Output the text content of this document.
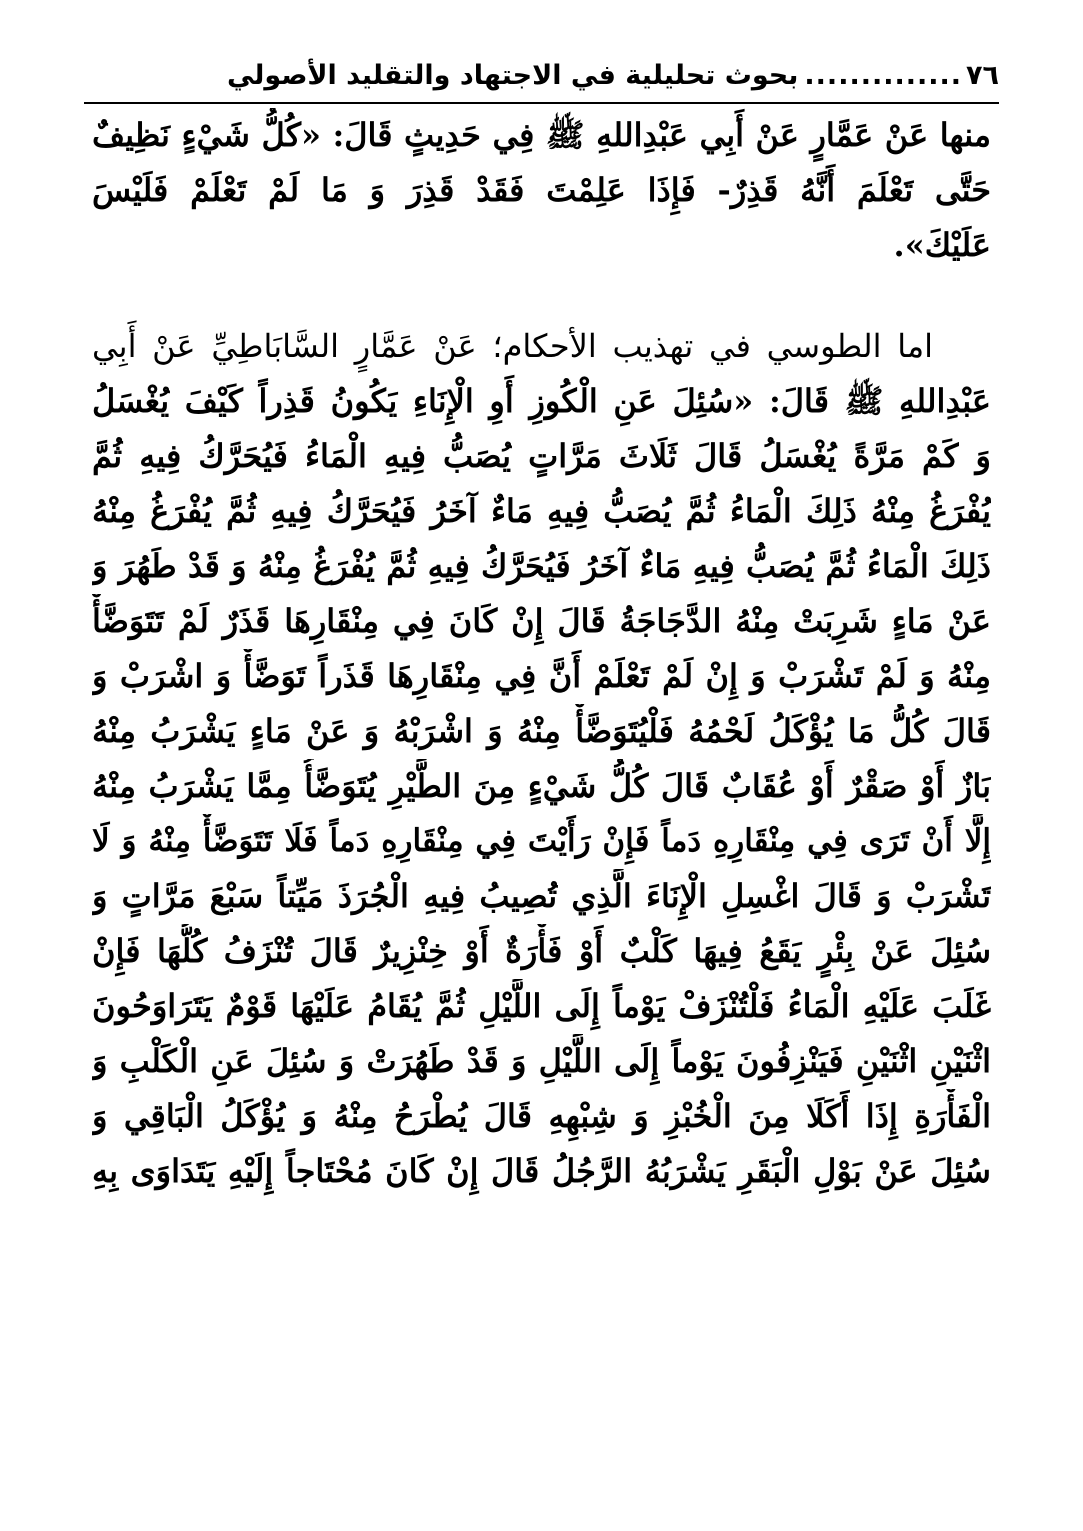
٧٦
..............
بحوث تحليلية في الاجتهاد والتقليد الأصولي
منها عَنْ عَمَّارٍ عَنْ أَبِي عَبْدِاللهِ ﷺ فِي حَدِيثٍ قَالَ: «كُلُّ شَيْءٍ نَظِيفٌ
حَتَّى تَعْلَمَ أَنَّهُ قَذِرٌ- فَإِذَا عَلِمْتَ فَقَدْ قَذِرَ وَ مَا لَمْ تَعْلَمْ فَلَيْسَ
عَلَيْكَ».
اما الطوسي في تهذيب الأحكام؛ عَنْ عَمَّارٍ السَّابَاطِيِّ عَنْ أَبِي
عَبْدِاللهِ ﷺ قَالَ: «سُئِلَ عَنِ الْكُوزِ أَوِ الْإِنَاءِ يَكُونُ قَذِراً كَيْفَ يُغْسَلُ
وَ كَمْ مَرَّةً يُغْسَلُ قَالَ ثَلَاثَ مَرَّاتٍ يُصَبُّ فِيهِ الْمَاءُ فَيُحَرَّكُ فِيهِ ثُمَّ
يُفْرَغُ مِنْهُ ذَلِكَ الْمَاءُ ثُمَّ يُصَبُّ فِيهِ مَاءٌ آخَرُ فَيُحَرَّكُ فِيهِ ثُمَّ يُفْرَغُ مِنْهُ
ذَلِكَ الْمَاءُ ثُمَّ يُصَبُّ فِيهِ مَاءٌ آخَرُ فَيُحَرَّكُ فِيهِ ثُمَّ يُفْرَغُ مِنْهُ وَ قَدْ طَهُرَ وَ
عَنْ مَاءٍ شَرِبَتْ مِنْهُ الدَّجَاجَةُ قَالَ إِنْ كَانَ فِي مِنْقَارِهَا قَذَرٌ لَمْ تَتَوَضَّأْ
مِنْهُ وَ لَمْ تَشْرَبْ وَ إِنْ لَمْ تَعْلَمْ أَنَّ فِي مِنْقَارِهَا قَذَراً تَوَضَّأْ وَ اشْرَبْ وَ
قَالَ كُلُّ مَا يُؤْكَلُ لَحْمُهُ فَلْيُتَوَضَّأْ مِنْهُ وَ اشْرَبْهُ وَ عَنْ مَاءٍ يَشْرَبُ مِنْهُ
بَازٌ أَوْ صَقْرٌ أَوْ عُقَابٌ قَالَ كُلُّ شَيْءٍ مِنَ الطَّيْرِ يُتَوَضَّأُ مِمَّا يَشْرَبُ مِنْهُ
إِلَّا أَنْ تَرَى فِي مِنْقَارِهِ دَماً فَإِنْ رَأَيْتَ فِي مِنْقَارِهِ دَماً فَلَا تَتَوَضَّأْ مِنْهُ وَ لَا
تَشْرَبْ وَ قَالَ اغْسِلِ الْإِنَاءَ الَّذِي تُصِيبُ فِيهِ الْجُرَذَ مَيِّتاً سَبْعَ مَرَّاتٍ وَ
سُئِلَ عَنْ بِئْرٍ يَقَعُ فِيهَا كَلْبٌ أَوْ فَأْرَةٌ أَوْ خِنْزِيرٌ قَالَ تُنْزَفُ كُلُّهَا فَإِنْ
غَلَبَ عَلَيْهِ الْمَاءُ فَلْتُنْزَفْ يَوْماً إِلَى اللَّيْلِ ثُمَّ يُقَامُ عَلَيْهَا قَوْمٌ يَتَرَاوَحُونَ
اثْنَيْنِ اثْنَيْنِ فَيَنْزِفُونَ يَوْماً إِلَى اللَّيْلِ وَ قَدْ طَهُرَتْ وَ سُئِلَ عَنِ الْكَلْبِ وَ
الْفَأْرَةِ إِذَا أَكَلَا مِنَ الْخُبْزِ وَ شِبْهِهِ قَالَ يُطْرَحُ مِنْهُ وَ يُؤْكَلُ الْبَاقِي وَ
سُئِلَ عَنْ بَوْلِ الْبَقَرِ يَشْرَبُهُ الرَّجُلُ قَالَ إِنْ كَانَ مُحْتَاجاً إِلَيْهِ يَتَدَاوَى بِهِ
